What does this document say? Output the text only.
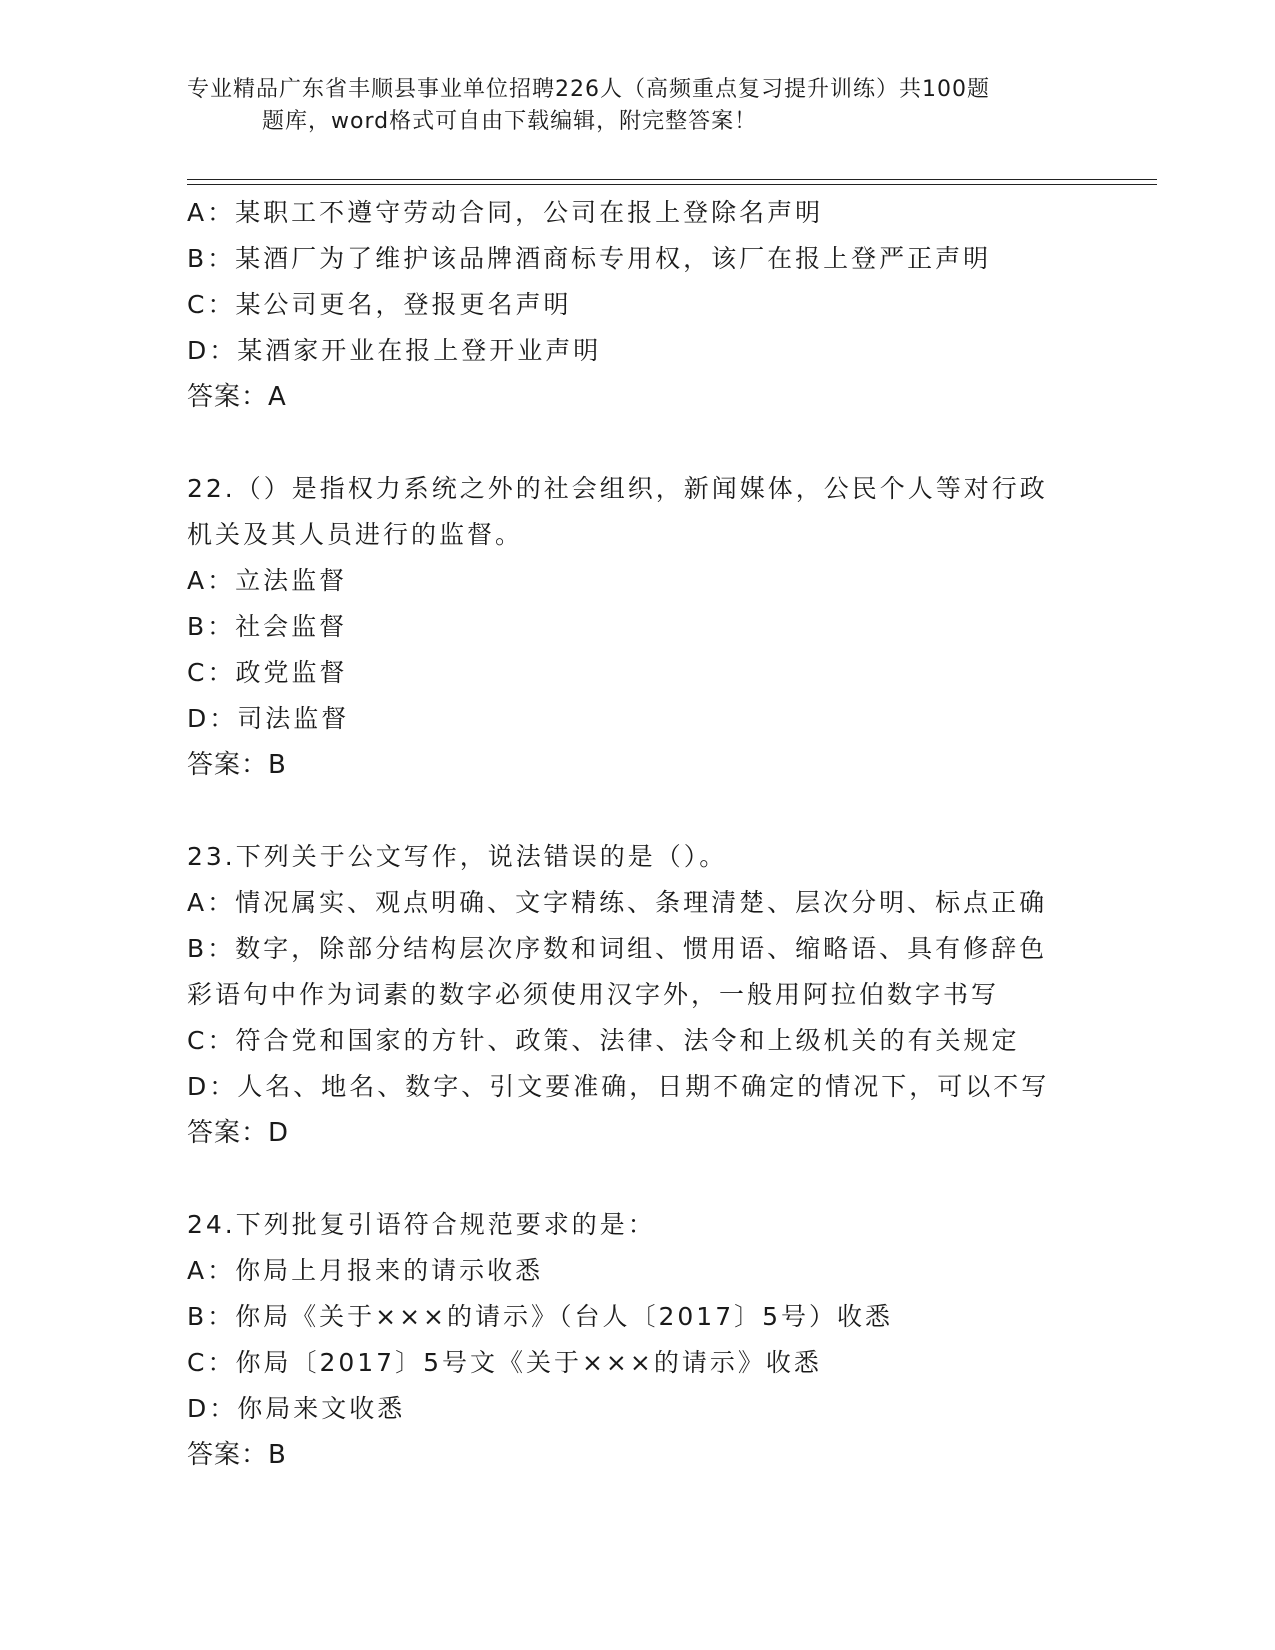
专业精品广东省丰顺县事业单位招聘226人（高频重点复习提升训练）共100题
题库，word格式可自由下载编辑，附完整答案！
A：某职工不遵守劳动合同，公司在报上登除名声明
B：某酒厂为了维护该品牌酒商标专用权，该厂在报上登严正声明
C：某公司更名，登报更名声明
D：某酒家开业在报上登开业声明
答案：A
22.（）是指权力系统之外的社会组织，新闻媒体，公民个人等对行政
机关及其人员进行的监督。
A：立法监督
B：社会监督
C：政党监督
D：司法监督
答案：B
23.下列关于公文写作，说法错误的是（）。
A：情况属实、观点明确、文字精练、条理清楚、层次分明、标点正确
B：数字，除部分结构层次序数和词组、惯用语、缩略语、具有修辞色
彩语句中作为词素的数字必须使用汉字外，一般用阿拉伯数字书写
C：符合党和国家的方针、政策、法律、法令和上级机关的有关规定
D：人名、地名、数字、引文要准确，日期不确定的情况下，可以不写
答案：D
24.下列批复引语符合规范要求的是：
A：你局上月报来的请示收悉
B：你局《关于×××的请示》（台人〔2017〕5号）收悉
C：你局〔2017〕5号文《关于×××的请示》收悉
D：你局来文收悉
答案：B
